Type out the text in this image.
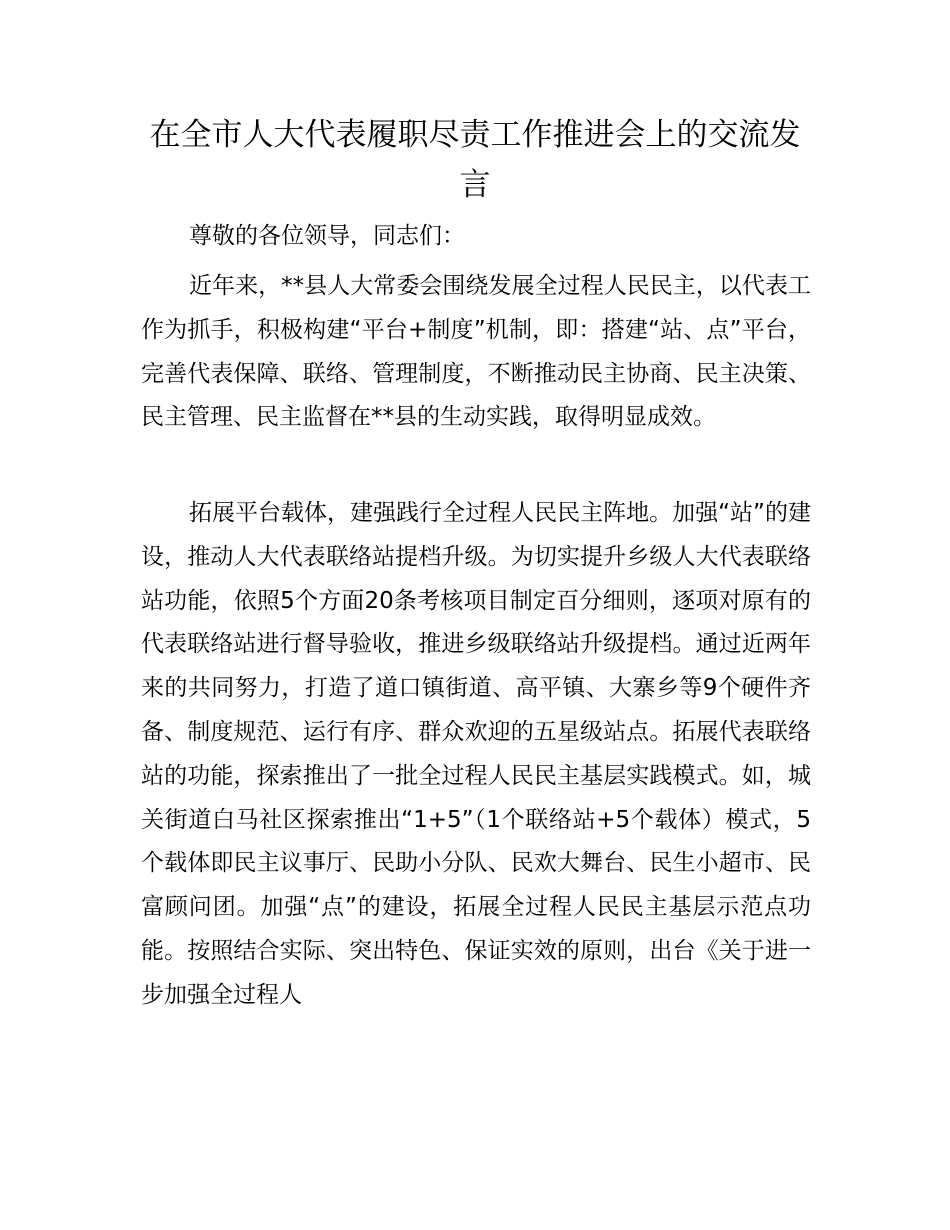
在全市人大代表履职尽责工作推进会上的交流发言

尊敬的各位领导，同志们：

近年来，**县人大常委会围绕发展全过程人民民主，以代表工作为抓手，积极构建“平台+制度”机制，即：搭建“站、点”平台，完善代表保障、联络、管理制度，不断推动民主协商、民主决策、民主管理、民主监督在**县的生动实践，取得明显成效。

拓展平台载体，建强践行全过程人民民主阵地。加强“站”的建设，推动人大代表联络站提档升级。为切实提升乡级人大代表联络站功能，依照5个方面20条考核项目制定百分细则，逐项对原有的代表联络站进行督导验收，推进乡级联络站升级提档。通过近两年来的共同努力，打造了道口镇街道、高平镇、大寨乡等9个硬件齐备、制度规范、运行有序、群众欢迎的五星级站点。拓展代表联络站的功能，探索推出了一批全过程人民民主基层实践模式。如，城关街道白马社区探索推出“1+5”（1个联络站+5个载体）模式，5个载体即民主议事厅、民助小分队、民欢大舞台、民生小超市、民富顾问团。加强“点”的建设，拓展全过程人民民主基层示范点功能。按照结合实际、突出特色、保证实效的原则，出台《关于进一步加强全过程人
